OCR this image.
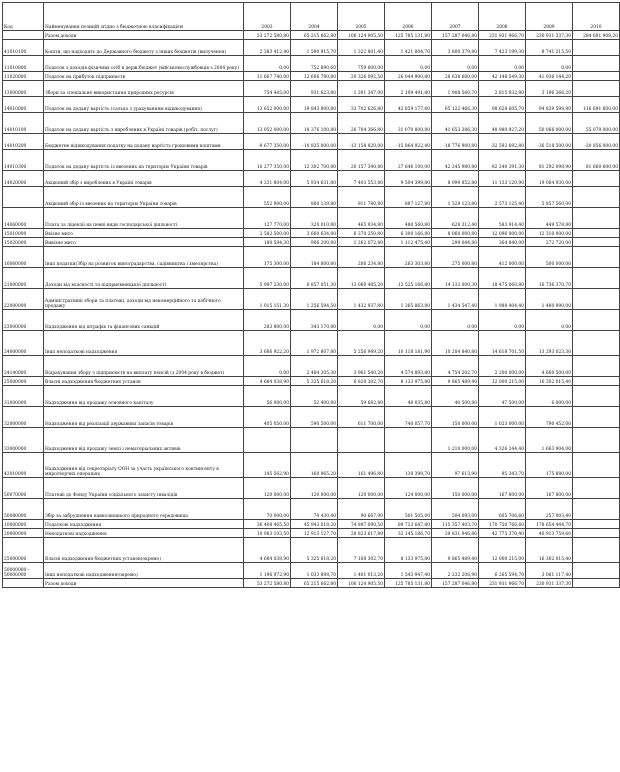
Код	Найменування позицій згідно з бюджетною класифікацією	2003	2004	2005	2006	2007	2008	2009	2010
	Разом доходи	53 272 580,80	65 215 662,80	106 124 905,50	125 785 131,80	157 287 046,80	231 931 966,70	230 931 337,30	284 691 908,20
41010100	Кошти, що надходять до Державного бюджету з інших бюджетів (вилучення)	2 383 412,40	1 590 915,70	1 322 801,40	1 421 804,70	3 800 379,80	7 423 199,30	8 741 215,50	
11010800	Податок з доходів фізичних осіб в держ.бюджет (військовослужбовців з 2004 року)	0,00	752 890,60	759 600,00	0,00	0,00	0,00	0,00	
11020000	Податок на прибуток підприємств	11 667 740,00	12 606 780,80	20 326 092,50	26 044 900,80	28 638 600,00	42 148 549,30	41 936 144,20	
13000000	Збори за спеціальне використання природних ресурсів	754 445,00	931 623,80	1 391 347,00	2 109 491,80	1 908 560,70	2 815 932,80	3 196 366,20	
14010000	Податок на додану вартість (сальдо з урахуванням відшкодування)	13 652 000,00	19 843 800,80	33 702 626,80	42 859 177,60	65 122 466,30	98 628 605,70	94 839 598,90	116 691 600,00
14010100	Податок на додану вартість з вироблених в Україні товарів (робіт, послуг)	13 052 000,00	18 376 100,80	26 704 366,80	31 070 800,80	41 653 386,30	48 980 927,20	50 066 000,00	55 079 000,00
14010200	Бюджетне відшкодування податку на додану вартість грошовими коштами	-9 677 350,00	-10 835 000,00	-13 158 820,00	-15 864 922,40	-18 776 900,80	-32 592 692,80	-36 518 500,00	-20 856 000,00
14010300	Податок на додану вартість із ввезених на територію України товарів	10 277 350,00	12 302 700,80	20 157 340,80	27 646 100,00	42 245 980,80	82 240 391,30	81 292 098,90	81 660 600,00
14020000	Акцизний збір з вироблених в Україні товарів	4 331 804,00	5 934 631,80	7 403 553,80	9 504 399,80	8 999 852,80	11 133 120,90	19 064 930,00	
	Акцизний збір із ввезених на територію України товарів	552 900,00	800 139,80	911 780,80	887 127,80	1 329 123,80	2 573 125,40	5 857 560,00	
14060000	Плата за ліцензії на певні види господарської діяльності	127 770,00	320 010,80	465 934,80	480 560,80	628 312,40	583 914,40	449 578,80	
15010000	Ввізне мито	2 582 500,00	3 660 634,80	6 370 250,80	6 300 166,80	8 060 000,80	12 096 000,00	12 310 000,00	
15020000	Вивізне мито	180 594,30	906 200,80	1 262 072,80	1 112 475,40	299 044,80	364 840,00	272 720,00	
16060000	Інші податки(Збір на розвиток виноградарства, садівництва і хмелярства)	175 300,00	184 800,80	206 234,80	263 303,80	275 000,80	412 000,00	500 000,00	
21000000	Доходи від власності та підприємницької діяльності	5 997 230,00	6 857 051,30	13 060 485,20	12 525 166,80	14 133 000,30	18 475 060,80	16 736 370,70	
22000000	Адміністративні збори та платежі, доходи від некомерційного та побічного продажу	1 015 151,30	1 256 594,50	1 432 937,80	1 365 863,80	1 434 547,40	1 988 404,40	1 480 990,00	
23000000	Надходження від штрафів та фінансових санкцій	283 800,00	343 170,80	0,00	0,00	0,00	0,00	0,00	
24000000	Інші неподаткові надходження	3 686 922,20	1 972 807,80	5 256 949,20	10 118 181,90	10 204 840,80	14 618 701,50	13 293 023,30	
24140000	Відрахування збору з підприємств на виплату пенсій (з 2004 року в бюджет)	0,00	2 484 305,30	3 961 540,20	4 574 893,80	4 754 202,70	2 200 000,00	4 660 500,00	
25000000	Власні надходження бюджетних установ	4 684 038,90	5 325 618,20	6 820 302,70	8 133 975,80	9 865 489,40	12 000 215,00	16 302 015,40	
31000000	Надходження від продажу основного капіталу	56 000,00	52 400,80	59 682,80	48 035,80	40 500,80	47 500,00	6 000,00	
32000000	Надходження від реалізації державних запасів товарів	405 050,00	590 500,00	611 700,00	740 057,70	150 000,00	1 023 000,00	790 452,00	
33000000	Надходження від продажу землі і нематеріальних активів					1 210 000,00	4 326 244,40	1 663 904,00	
42010000	Надходження від секретаріату ООН за участь українського контингенту в миротворчих операціях	145 562,90	160 965,20	161 496,80	130 399,70	97 613,90	95 343,70	175 880,00	
50070000	Платежі до Фонду України соціального захисту інвалідів	120 000,00	120 000,00	120 000,00	124 000,00	150 000,00	167 800,00	167 800,00	
50080000	Збір за забруднення навколишнього природного середовища	70 000,00	74 430,40	90 667,90	501 505,00	504 093,00	605 706,60	257 003,40	
10000000	Податкові надходження	36 408 465,50	45 943 018,20	74 897 090,50	89 733 647,80	115 357 403,70	170 750 766,60	178 654 444,70	
20000000	Неподаткові надходження	10 983 103,50	12 913 127,70	28 823 617,80	32 145 186,70	29 831 946,80	42 775 370,40	40 913 759,60	
25000000	Власні надходження бюджетних установ(окремо)	4 684 038,90	5 325 618,20	7 168 302,70	8 133 975,80	9 865 489,40	12 000 215,00	16 302 015,40	
50000000 - 50000000	Інші неподаткові надходження(окремо)	1 196 972,90	1 033 898,70	1 401 013,20	1 543 947,40	2 232 206,90	6 265 594,70	3 061 117,40	
	Разом доходи	53 272 580,80	65 215 662,80	106 124 905,50	125 785 131,80	157 287 046,80	231 931 966,70	230 931 337,30	
